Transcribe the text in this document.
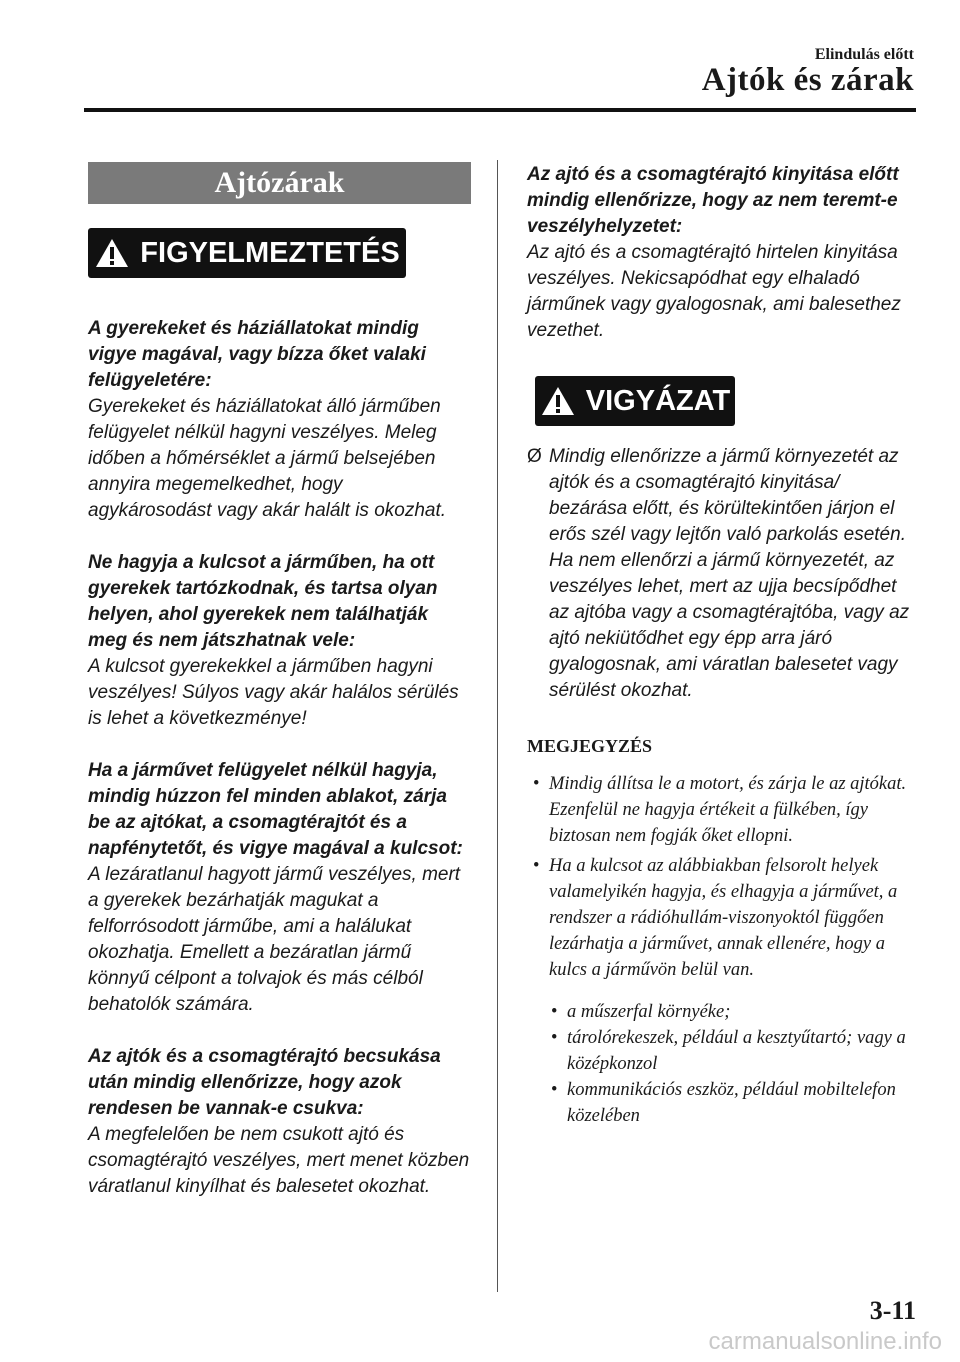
Elindulás előtt
Ajtók és zárak
Ajtózárak
FIGYELMEZTETÉS

A gyerekeket és háziállatokat mindig vigye magával, vagy bízza őket valaki felügyeletére:

Gyerekeket és háziállatokat álló járműben felügyelet nélkül hagyni veszélyes. Meleg időben a hőmérséklet a jármű belsejében annyira megemelkedhet, hogy agykárosodást vagy akár halált is okozhat.

Ne hagyja a kulcsot a járműben, ha ott gyerekek tartózkodnak, és tartsa olyan helyen, ahol gyerekek nem találhatják meg és nem játszhatnak vele:

A kulcsot gyerekekkel a járműben hagyni veszélyes! Súlyos vagy akár halálos sérülés is lehet a következménye!

Ha a járművet felügyelet nélkül hagyja, mindig húzzon fel minden ablakot, zárja be az ajtókat, a csomagtérajtót és a napfénytetőt, és vigye magával a kulcsot:

A lezáratlanul hagyott jármű veszélyes, mert a gyerekek bezárhatják magukat a felforrósodott járműbe, ami a halálukat okozhatja. Emellett a bezáratlan jármű könnyű célpont a tolvajok és más célból behatolók számára.

Az ajtók és a csomagtérajtó becsukása után mindig ellenőrizze, hogy azok rendesen be vannak-e csukva:

A megfelelően be nem csukott ajtó és csomagtérajtó veszélyes, mert menet közben váratlanul kinyílhat és balesetet okozhat.

Az ajtó és a csomagtérajtó kinyitása előtt mindig ellenőrizze, hogy az nem teremt-e veszélyhelyzetet:

Az ajtó és a csomagtérajtó hirtelen kinyitása veszélyes. Nekicsapódhat egy elhaladó járműnek vagy gyalogosnak, ami balesethez vezethet.

VIGYÁZAT
Ø Mindig ellenőrizze a jármű környezetét az ajtók és a csomagtérajtó kinyitása/ bezárása előtt, és körültekintően járjon el erős szél vagy lejtőn való parkolás esetén. Ha nem ellenőrzi a jármű környezetét, az veszélyes lehet, mert az ujja becsípődhet az ajtóba vagy a csomagtérajtóba, vagy az ajtó nekiütődhet egy épp arra járó gyalogosnak, ami váratlan balesetet vagy sérülést okozhat.
MEGJEGYZÉS
• Mindig állítsa le a motort, és zárja le az ajtókat. Ezenfelül ne hagyja értékeit a fülkében, így biztosan nem fogják őket ellopni.
• Ha a kulcsot az alábbiakban felsorolt helyek valamelyikén hagyja, és elhagyja a járművet, a rendszer a rádióhullám-viszonyoktól függően lezárhatja a járművet, annak ellenére, hogy a kulcs a járművön belül van.
• a műszerfal környéke;
• tárolórekeszek, például a kesztyűtartó; vagy a középkonzol
• kommunikációs eszköz, például mobiltelefon közelében
3-11
carmanualsonline.info
